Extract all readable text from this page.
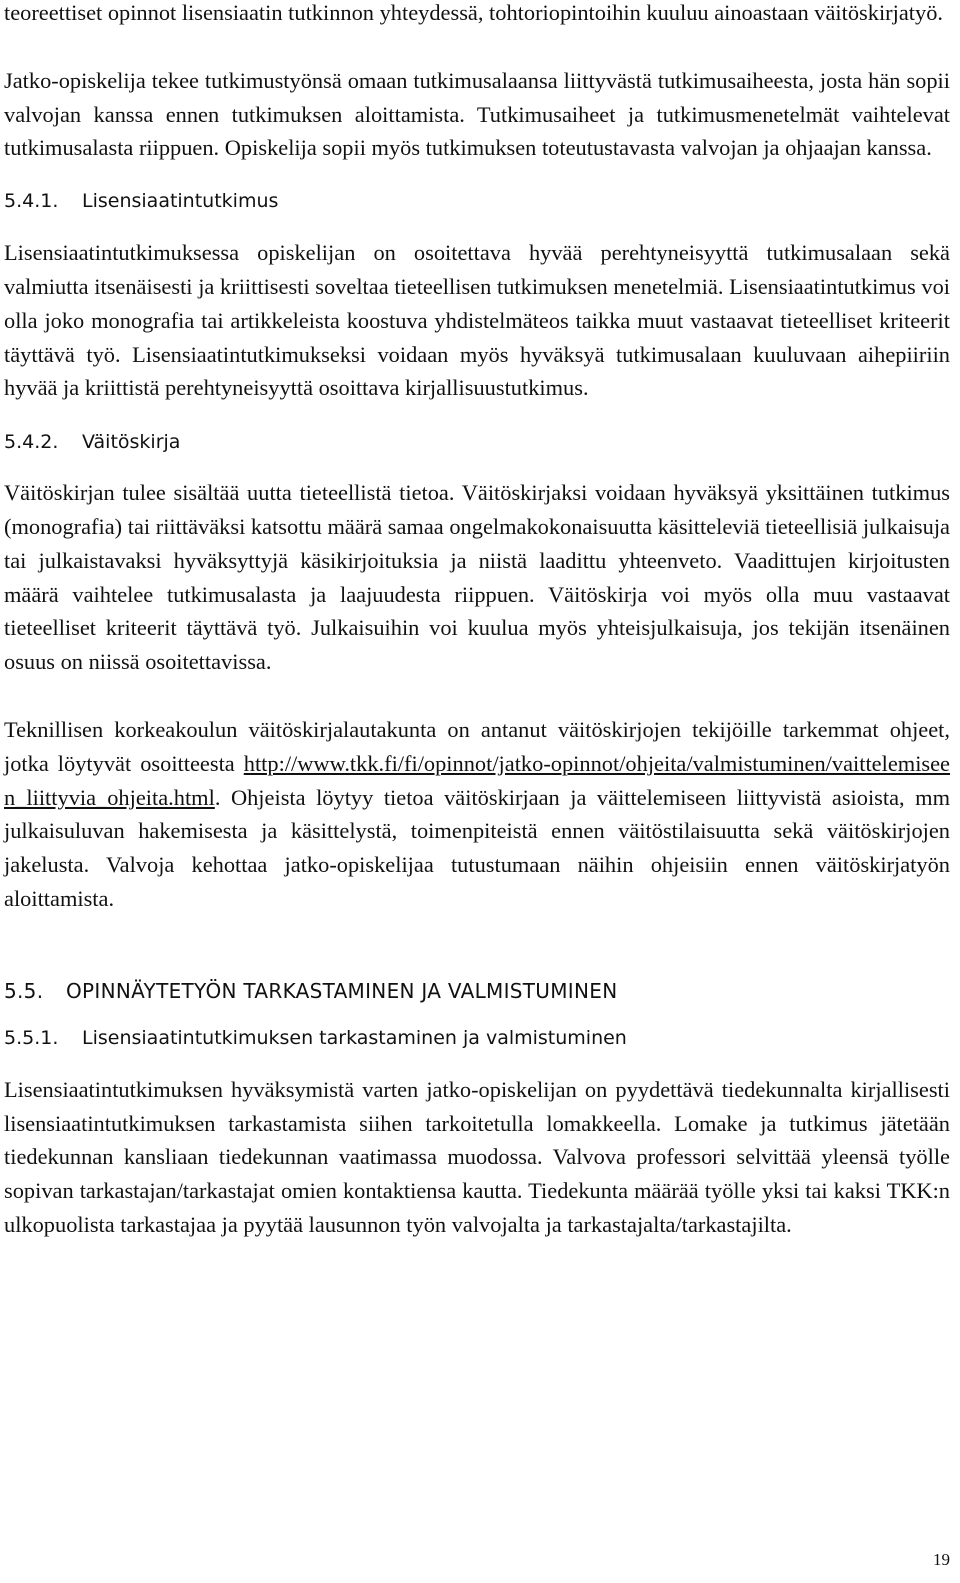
teoreettiset opinnot lisensiaatin tutkinnon yhteydessä, tohtoriopintoihin kuuluu ainoastaan väitöskirjatyö.

Jatko-opiskelija tekee tutkimustyönsä omaan tutkimusalaansa liittyvästä tutkimusaiheesta, josta hän sopii valvojan kanssa ennen tutkimuksen aloittamista. Tutkimusaiheet ja tutkimusmenetelmät vaihtelevat tutkimusalasta riippuen. Opiskelija sopii myös tutkimuksen toteutustavasta valvojan ja ohjaajan kanssa.

5.4.1. Lisensiaatintutkimus

Lisensiaatintutkimuksessa opiskelijan on osoitettava hyvää perehtyneisyyttä tutkimusalaan sekä valmiutta itsenäisesti ja kriittisesti soveltaa tieteellisen tutkimuksen menetelmiä. Lisensiaatintutkimus voi olla joko monografia tai artikkeleista koostuva yhdistelmäteos taikka muut vastaavat tieteelliset kriteerit täyttävä työ. Lisensiaatintutkimukseksi voidaan myös hyväksyä tutkimusalaan kuuluvaan aihepiiriin hyvää ja kriittistä perehtyneisyyttä osoittava kirjallisuustutkimus.

5.4.2. Väitöskirja

Väitöskirjan tulee sisältää uutta tieteellistä tietoa. Väitöskirjaksi voidaan hyväksyä yksittäinen tutkimus (monografia) tai riittäväksi katsottu määrä samaa ongelmakokonaisuutta käsitteleviä tieteellisiä julkaisuja tai julkaistavaksi hyväksyttyjä käsikirjoituksia ja niistä laadittu yhteenveto. Vaadittujen kirjoitusten määrä vaihtelee tutkimusalasta ja laajuudesta riippuen. Väitöskirja voi myös olla muu vastaavat tieteelliset kriteerit täyttävä työ. Julkaisuihin voi kuulua myös yhteisjulkaisuja, jos tekijän itsenäinen osuus on niissä osoitettavissa.

Teknillisen korkeakoulun väitöskirjalautakunta on antanut väitöskirjojen tekijöille tarkemmat ohjeet, jotka löytyvät osoitteesta http://www.tkk.fi/fi/opinnot/jatko-opinnot/ohjeita/valmistuminen/vaittelemiseen_liittyvia_ohjeita.html. Ohjeista löytyy tietoa väitöskirjaan ja väittelemiseen liittyvistä asioista, mm julkaisuluvan hakemisesta ja käsittelystä, toimenpiteistä ennen väitöstilaisuutta sekä väitöskirjojen jakelusta. Valvoja kehottaa jatko-opiskelijaa tutustumaan näihin ohjeisiin ennen väitöskirjatyön aloittamista.

5.5. OPINNÄYTETYÖN TARKASTAMINEN JA VALMISTUMINEN
5.5.1. Lisensiaatintutkimuksen tarkastaminen ja valmistuminen

Lisensiaatintutkimuksen hyväksymistä varten jatko-opiskelijan on pyydettävä tiedekunnalta kirjallisesti lisensiaatintutkimuksen tarkastamista siihen tarkoitetulla lomakkeella. Lomake ja tutkimus jätetään tiedekunnan kansliaan tiedekunnan vaatimassa muodossa. Valvova professori selvittää yleensä työlle sopivan tarkastajan/tarkastajat omien kontaktiensa kautta. Tiedekunta määrää työlle yksi tai kaksi TKK:n ulkopuolista tarkastajaa ja pyytää lausunnon työn valvojalta ja tarkastajalta/tarkastajilta.

19
